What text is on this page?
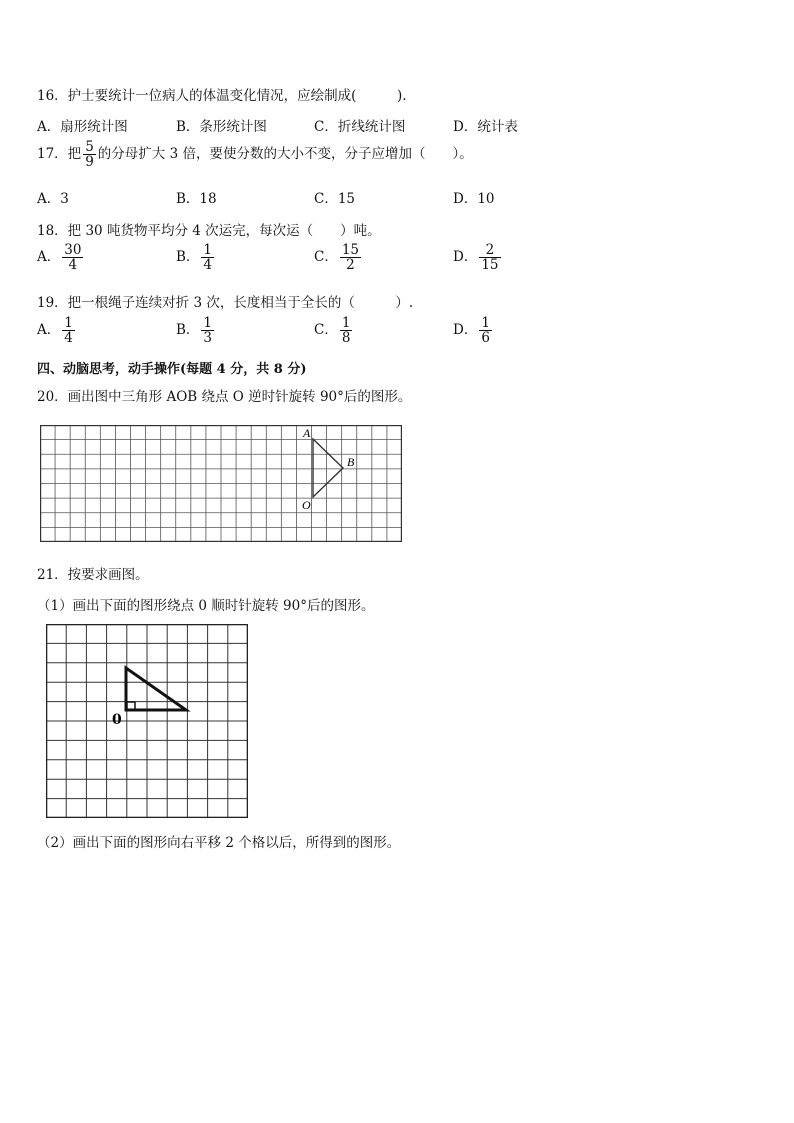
16．护士要统计一位病人的体温变化情况，应绘制成(　　　).
A．扇形统计图	B．条形统计图	C．折线统计图	D．统计表
17．把 $\frac{5}{9}$ 的分母扩大 3 倍，要使分数的大小不变，分子应增加（　　）。
A．3	B．18	C．15	D．10
18．把 30 吨货物平均分 4 次运完，每次运（　　）吨。
A． $\frac{30}{4}$	B． $\frac{1}{4}$	C． $\frac{15}{2}$	D． $\frac{2}{15}$
19．把一根绳子连续对折 3 次，长度相当于全长的（　　　）.
A． $\frac{1}{4}$	B． $\frac{1}{3}$	C． $\frac{1}{8}$	D． $\frac{1}{6}$
四、动脑思考，动手操作(每题 4 分，共 8 分)
20．画出图中三角形 AOB 绕点 O 逆时针旋转 90°后的图形。
A
B
O
21．按要求画图。
（1）画出下面的图形绕点 0 顺时针旋转 90°后的图形。
0
（2）画出下面的图形向右平移 2 个格以后，所得到的图形。
